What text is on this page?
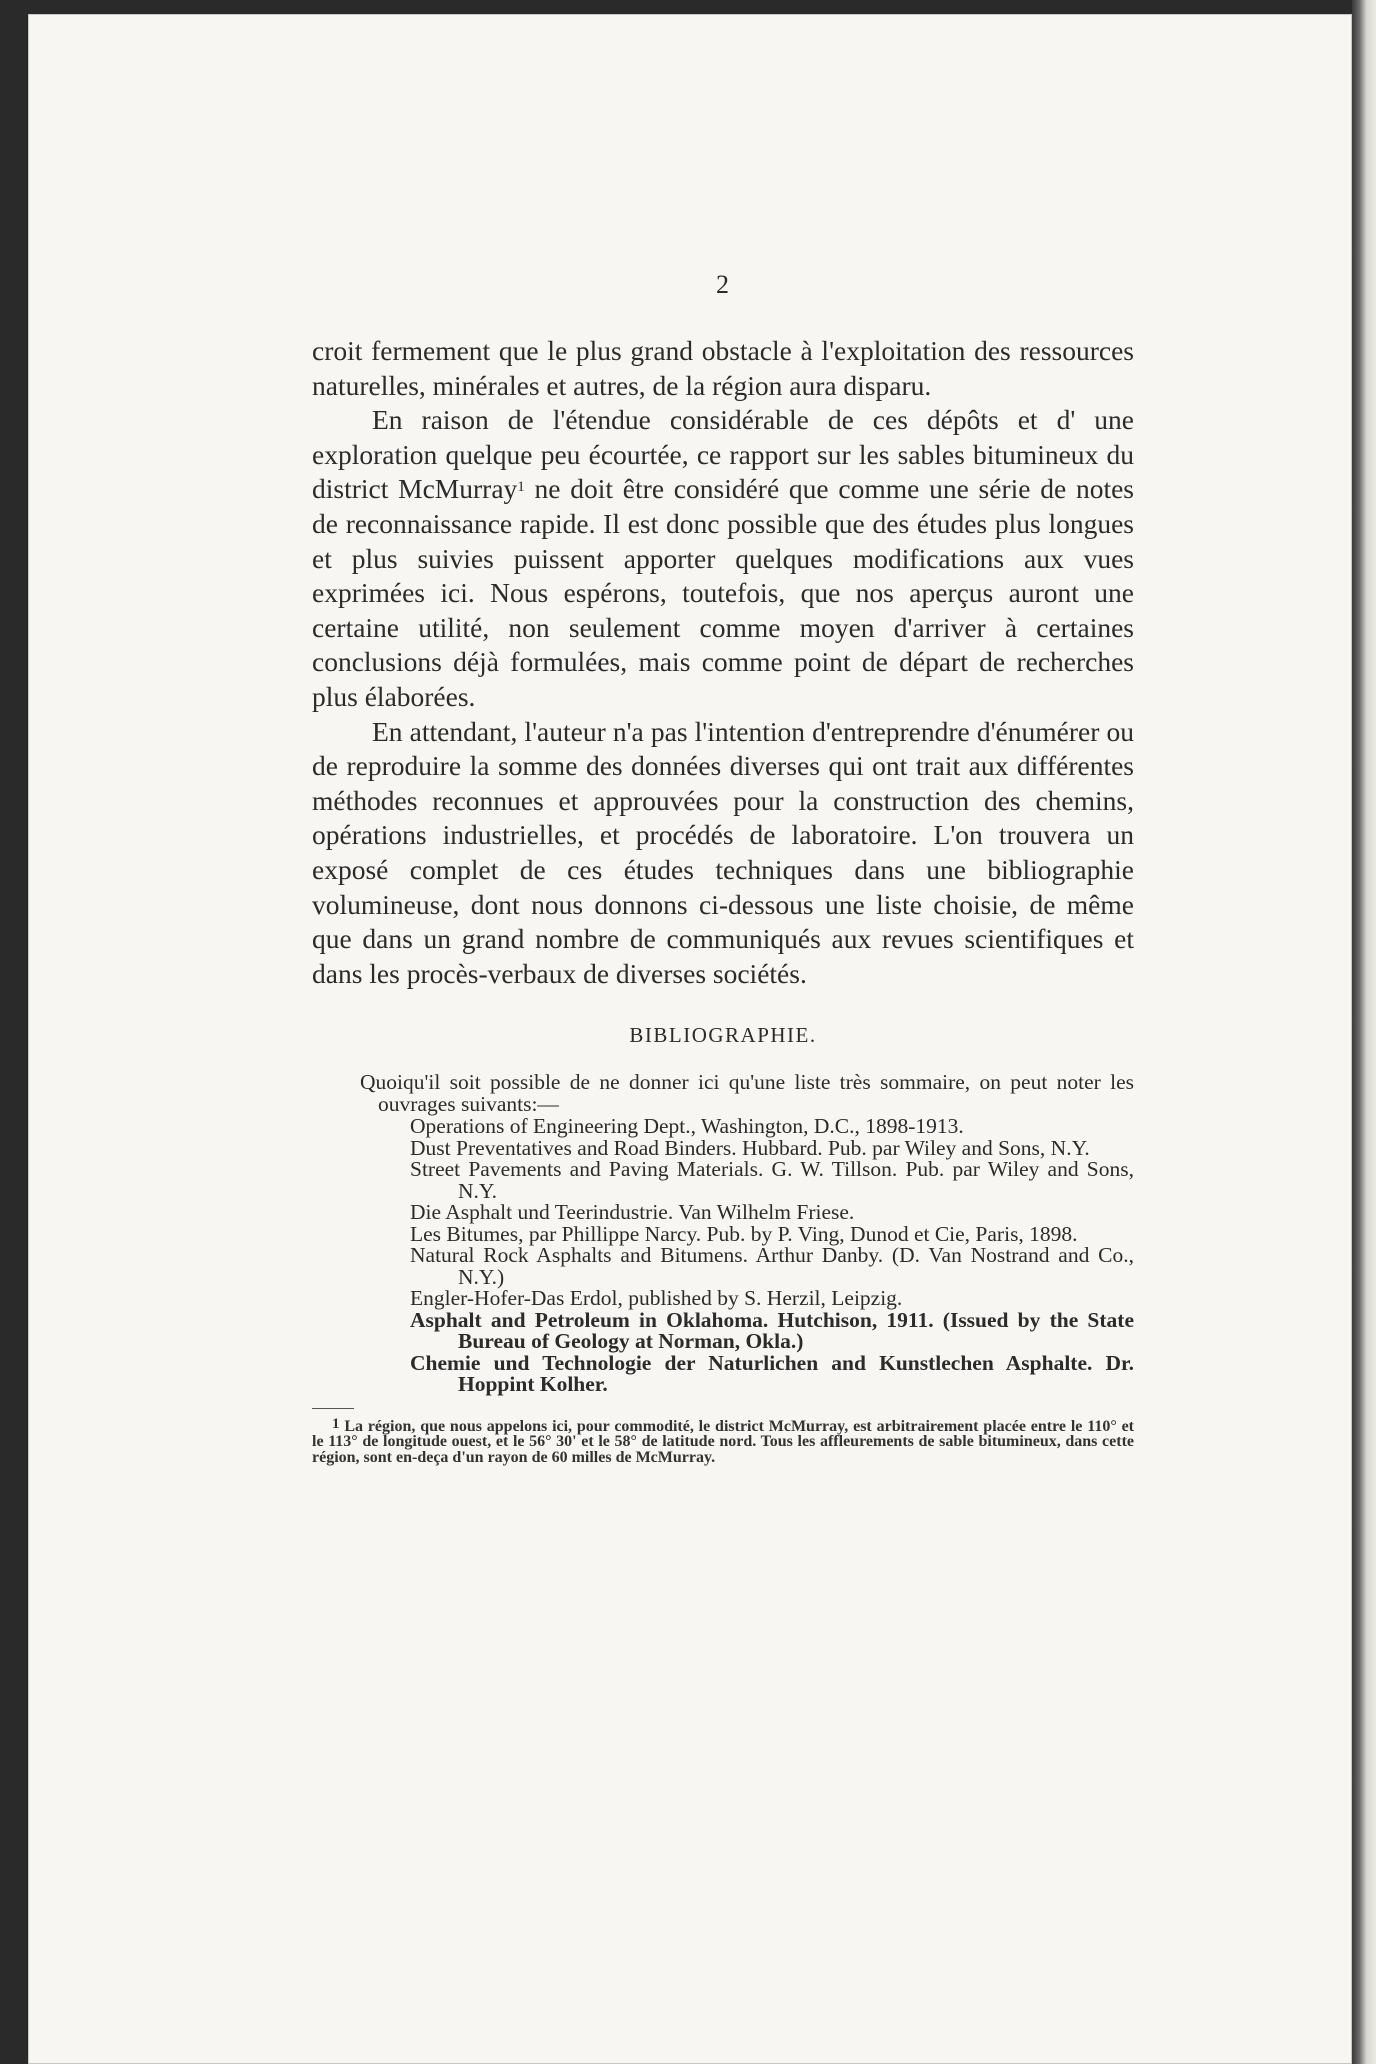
2

croit fermement que le plus grand obstacle à l'exploitation des ressources naturelles, minérales et autres, de la région aura disparu.

En raison de l'étendue considérable de ces dépôts et d' une exploration quelque peu écourtée, ce rapport sur les sables bitumineux du district McMurray$^1$ ne doit être considéré que comme une série de notes de reconnaissance rapide. Il est donc possible que des études plus longues et plus suivies puissent apporter quelques modifications aux vues exprimées ici. Nous espérons, toutefois, que nos aperçus auront une certaine utilité, non seulement comme moyen d'arriver à certaines conclusions déjà formulées, mais comme point de départ de recherches plus élaborées.

En attendant, l'auteur n'a pas l'intention d'entreprendre d'énumérer ou de reproduire la somme des données diverses qui ont trait aux différentes méthodes reconnues et approuvées pour la construction des chemins, opérations industrielles, et procédés de laboratoire. L'on trouvera un exposé complet de ces études techniques dans une bibliographie volumineuse, dont nous donnons ci-dessous une liste choisie, de même que dans un grand nombre de communiqués aux revues scientifiques et dans les procès-verbaux de diverses sociétés.

BIBLIOGRAPHIE.

Quoiqu'il soit possible de ne donner ici qu'une liste très sommaire, on peut noter les ouvrages suivants:—

Operations of Engineering Dept., Washington, D.C., 1898-1913.
Dust Preventatives and Road Binders. Hubbard. Pub. par Wiley and Sons, N.Y.
Street Pavements and Paving Materials. G. W. Tillson. Pub. par Wiley and Sons, N.Y.
Die Asphalt und Teerindustrie. Van Wilhelm Friese.
Les Bitumes, par Phillippe Narcy. Pub. by P. Ving, Dunod et Cie, Paris, 1898.
Natural Rock Asphalts and Bitumens. Arthur Danby. (D. Van Nostrand and Co., N.Y.)
Engler-Hofer-Das Erdol, published by S. Herzil, Leipzig.
Asphalt and Petroleum in Oklahoma. Hutchison, 1911. (Issued by the State Bureau of Geology at Norman, Okla.)
Chemie und Technologie der Naturlichen and Kunstlechen Asphalte. Dr. Hoppint Kolher.

$^1$ La région, que nous appelons ici, pour commodité, le district McMurray, est arbitrairement placée entre le 110° et le 113° de longitude ouest, et le 56° 30' et le 58° de latitude nord. Tous les affleurements de sable bitumineux, dans cette région, sont en-deça d'un rayon de 60 milles de McMurray.
